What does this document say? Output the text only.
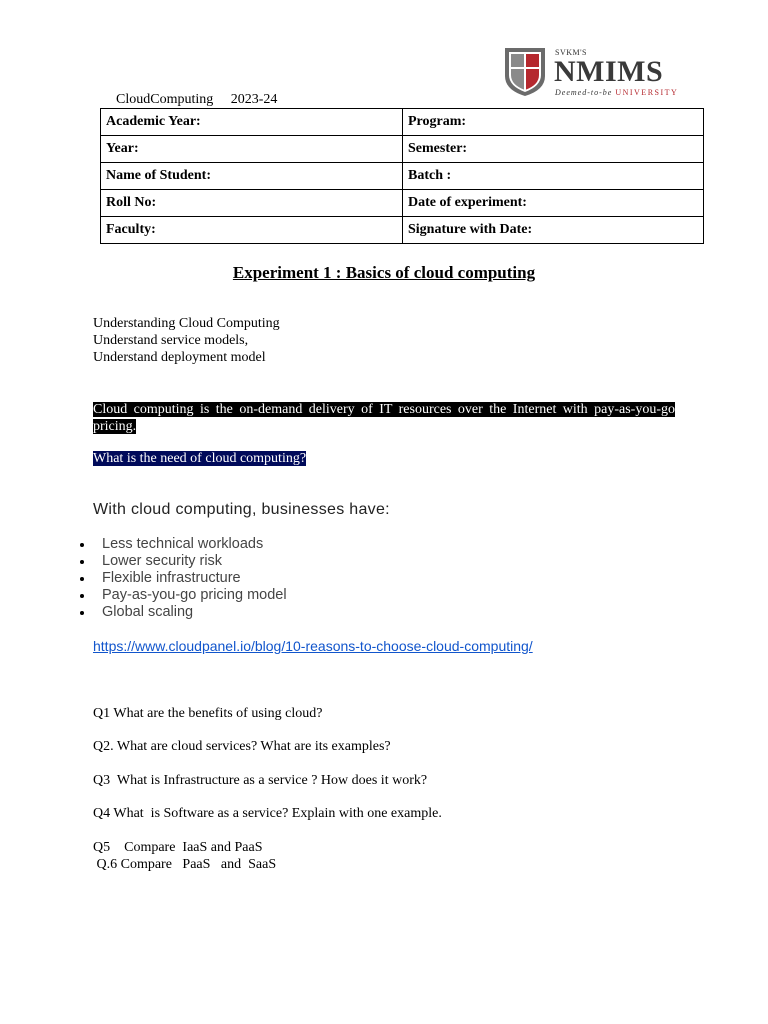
SVKM'S
NMIMS
Deemed-to-be UNIVERSITY
CloudComputing 2023-24
Academic Year:	Program:
Year:	Semester:
Name of Student:	Batch :
Roll No:	Date of experiment:
Faculty:	Signature with Date:
Experiment 1 : Basics of cloud computing
Understanding Cloud Computing
Understand service models,
Understand deployment model
Cloud computing is the on-demand delivery of IT resources over the Internet with pay-as-you-go pricing.
What is the need of cloud computing?
With cloud computing, businesses have:
Less technical workloads
Lower security risk
Flexible infrastructure
Pay-as-you-go pricing model
Global scaling
https://www.cloudpanel.io/blog/10-reasons-to-choose-cloud-computing/
Q1 What are the benefits of using cloud?
Q2. What are cloud services? What are its examples?
Q3  What is Infrastructure as a service ? How does it work?
Q4 What  is Software as a service? Explain with one example.
Q5    Compare  IaaS and PaaS
Q.6 Compare   PaaS   and  SaaS
